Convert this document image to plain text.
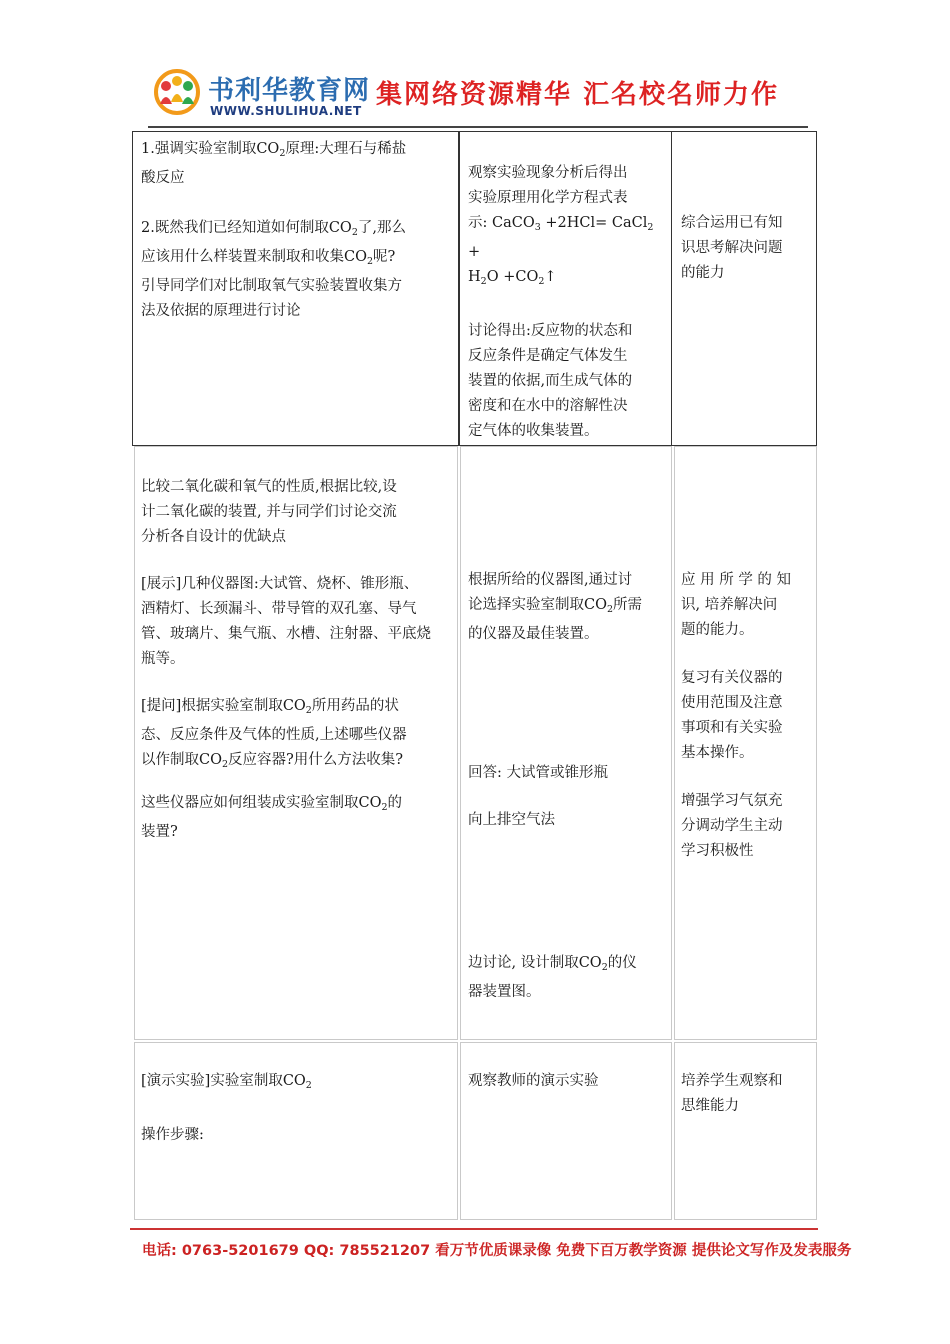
书利华教育网
WWW.SHULIHUA.NET
集网络资源精华 汇名校名师力作
1.强调实验室制取$CO_2$原理:大理石与稀盐
酸反应

2.既然我们已经知道如何制取$CO_2$了,那么
应该用什么样装置来制取和收集$CO_2$呢?
引导同学们对比制取氧气实验装置收集方
法及依据的原理进行讨论
观察实验现象分析后得出
实验原理用化学方程式表
示: CaCO$_3$ +2HCl= CaCl$_2$ +
$H_2O$ $+CO_2↑$

讨论得出:反应物的状态和
反应条件是确定气体发生
装置的依据,而生成气体的
密度和在水中的溶解性决
定气体的收集装置。
综合运用已有知
识思考解决问题
的能力
比较二氧化碳和氧气的性质,根据比较,设
计二氧化碳的装置, 并与同学们讨论交流
分析各自设计的优缺点
[展示]几种仪器图:大试管、烧杯、锥形瓶、
酒精灯、长颈漏斗、带导管的双孔塞、导气
管、玻璃片、集气瓶、水槽、注射器、平底烧
瓶等。
[提问]根据实验室制取$CO_2$所用药品的状
态、反应条件及气体的性质,上述哪些仪器
以作制取$CO_2$反应容器?用什么方法收集?
这些仪器应如何组装成实验室制取$CO_2$的
装置?
根据所给的仪器图,通过讨
论选择实验室制取$CO_2$所需
的仪器及最佳装置。
回答: 大试管或锥形瓶
向上排空气法
边讨论, 设计制取$CO_2$的仪
器装置图。
应 用 所 学 的 知
识, 培养解决问
题的能力。
复习有关仪器的
使用范围及注意
事项和有关实验
基本操作。
增强学习气氛充
分调动学生主动
学习积极性
[演示实验]实验室制取$CO_2$

操作步骤:
观察教师的演示实验	培养学生观察和
思维能力
电话: 0763-5201679 QQ: 785521207 看万节优质课录像 免费下百万教学资源 提供论文写作及发表服务
